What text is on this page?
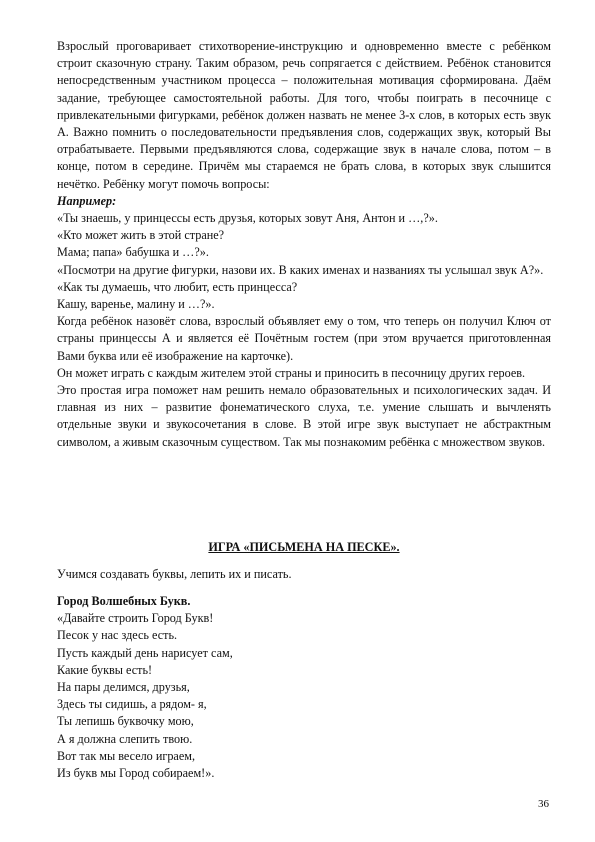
Взрослый проговаривает стихотворение-инструкцию и одновременно вместе с ребёнком строит сказочную страну. Таким образом, речь сопрягается с действием. Ребёнок становится непосредственным участником процесса – положительная мотивация сформирована. Даём задание, требующее самостоятельной работы. Для того, чтобы поиграть в песочнице с привлекательными фигурками, ребёнок должен назвать не менее 3-х слов, в которых есть звук А. Важно помнить о последовательности предъявления слов, содержащих звук, который Вы отрабатываете. Первыми предъявляются слова, содержащие звук в начале слова, потом – в конце, потом в середине. Причём мы стараемся не брать слова, в которых звук слышится нечётко. Ребёнку могут помочь вопросы:

Например:

«Ты знаешь, у принцессы есть друзья, которых зовут Аня, Антон и …,?».

«Кто может жить в этой стране?

Мама; папа» бабушка и …?».

«Посмотри на другие фигурки, назови их. В каких именах и названиях ты услышал звук А?».

«Как ты думаешь, что любит, есть принцесса?

Кашу, варенье, малину и …?».

Когда ребёнок назовёт слова, взрослый объявляет ему о том, что теперь он получил Ключ от страны принцессы А и является её Почётным гостем (при этом вручается приготовленная Вами буква или её изображение на карточке).

Он может играть с каждым жителем этой страны и приносить в песочницу других героев.

Это простая игра поможет нам решить немало образовательных и психологических задач. И главная из них – развитие фонематического слуха, т.е. умение слышать и вычленять отдельные звуки и звукосочетания в слове. В этой игре звук выступает не абстрактным символом, а живым сказочным существом. Так мы познакомим ребёнка с множеством звуков.

ИГРА «ПИСЬМЕНА НА ПЕСКЕ».

Учимся создавать буквы, лепить их и писать.

Город Волшебных Букв.

«Давайте строить Город Букв!

Песок у нас здесь есть.

Пусть каждый день нарисует сам,

Какие буквы есть!

На пары делимся, друзья,

Здесь ты сидишь, а рядом- я,

Ты лепишь буквочку мою,

А я должна слепить твою.

Вот так мы весело играем,

Из букв мы Город собираем!».

36
